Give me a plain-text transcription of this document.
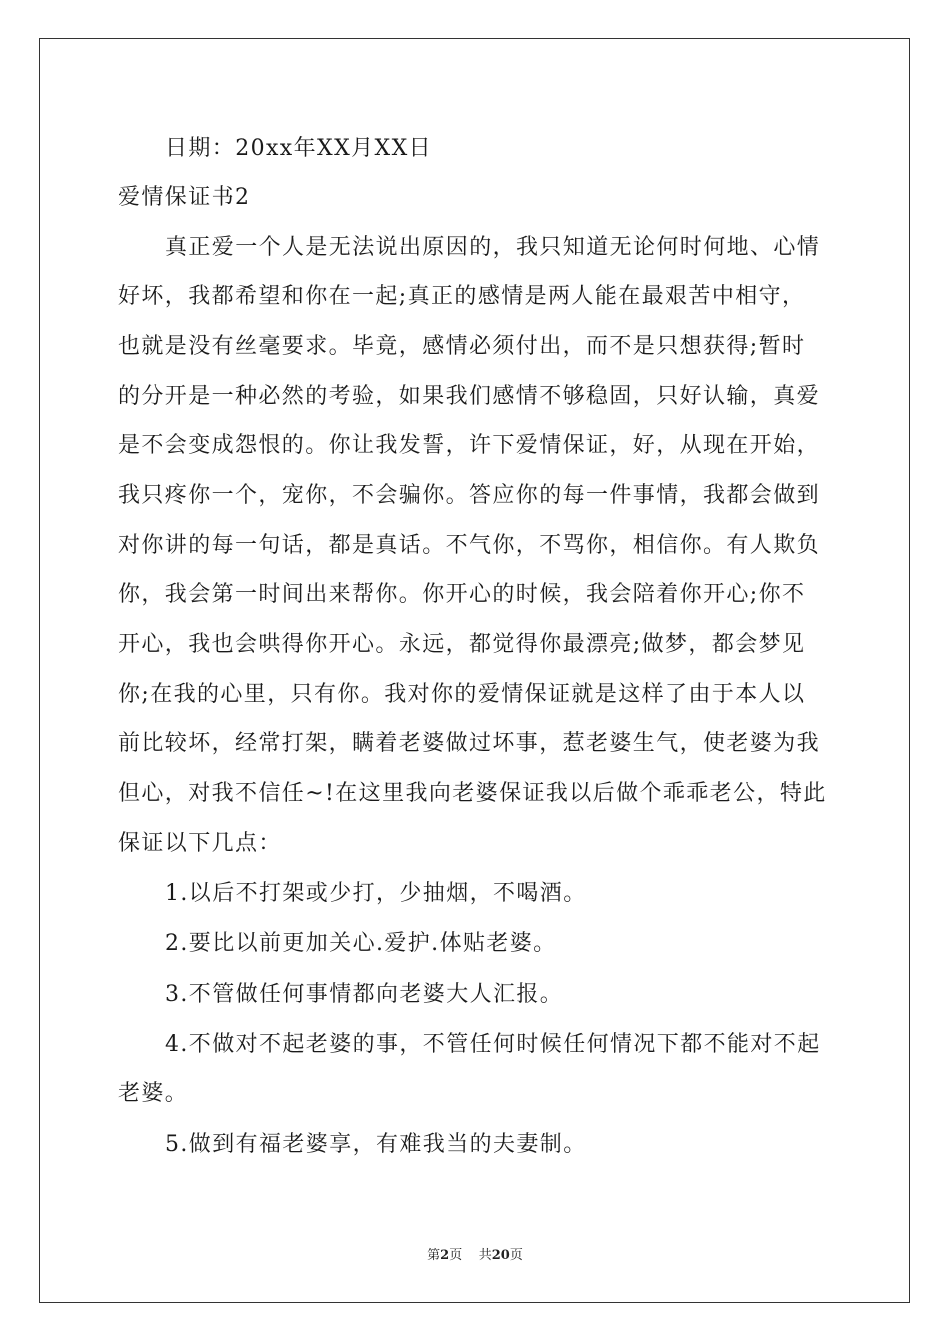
日期：20xx年XX月XX日
爱情保证书2
真正爱一个人是无法说出原因的，我只知道无论何时何地、心情
好坏，我都希望和你在一起;真正的感情是两人能在最艰苦中相守，
也就是没有丝毫要求。毕竟，感情必须付出，而不是只想获得;暂时
的分开是一种必然的考验，如果我们感情不够稳固，只好认输，真爱
是不会变成怨恨的。你让我发誓，许下爱情保证，好，从现在开始，
我只疼你一个，宠你，不会骗你。答应你的每一件事情，我都会做到
对你讲的每一句话，都是真话。不气你，不骂你，相信你。有人欺负
你，我会第一时间出来帮你。你开心的时候，我会陪着你开心;你不
开心，我也会哄得你开心。永远，都觉得你最漂亮;做梦，都会梦见
你;在我的心里，只有你。我对你的爱情保证就是这样了由于本人以
前比较坏，经常打架，瞒着老婆做过坏事，惹老婆生气，使老婆为我
但心，对我不信任~!在这里我向老婆保证我以后做个乖乖老公，特此
保证以下几点：
1.以后不打架或少打，少抽烟，不喝酒。
2.要比以前更加关心.爱护.体贴老婆。
3.不管做任何事情都向老婆大人汇报。
4.不做对不起老婆的事，不管任何时候任何情况下都不能对不起
老婆。
5.做到有福老婆享，有难我当的夫妻制。
第2页 共20页
